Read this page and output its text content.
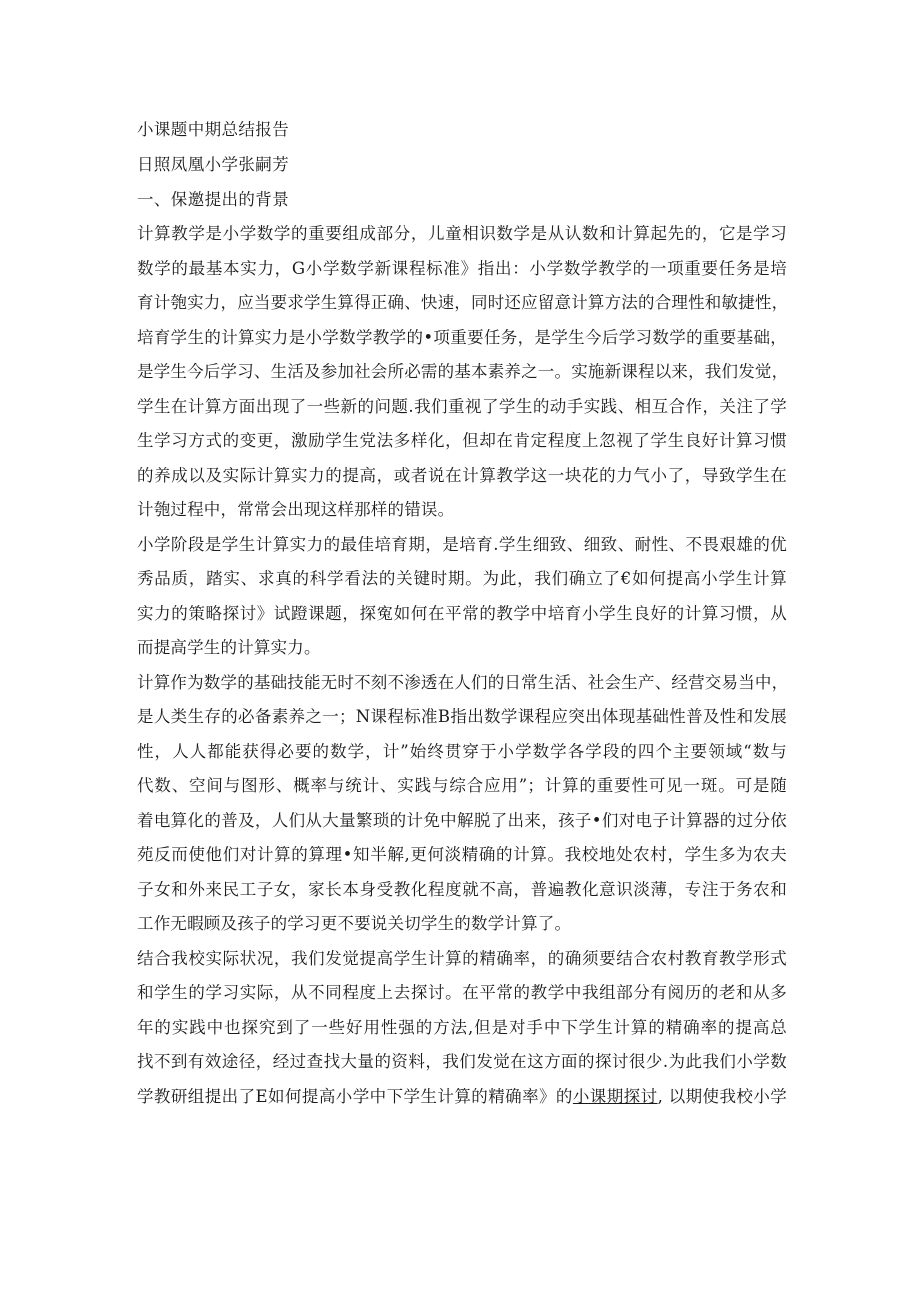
小课题中期总结报告

日照凤凰小学张嗣芳

一、保邀提出的背景

计算教学是小学数学的重要组成部分，儿童相识数学是从认数和计算起先的，它是学习
数学的最基本实力，G小学数学新课程标准》指出：小学数学教学的一项重要任务是培
育计匏实力，应当要求学生算得正确、快速，同时还应留意计算方法的合理性和敏捷性，
培育学生的计算实力是小学数学教学的•项重要任务，是学生今后学习数学的重要基础，
是学生今后学习、生活及参加社会所必需的基本素养之一。实施新课程以来，我们发觉，
学生在计算方面出现了一些新的问题.我们重视了学生的动手实践、相互合作，关注了学
生学习方式的变更，激励学生党法多样化，但却在肯定程度上忽视了学生良好计算习惯
的养成以及实际计算实力的提高，或者说在计算教学这一块花的力气小了，导致学生在
计匏过程中，常常会出现这样那样的错误。
小学阶段是学生计算实力的最佳培育期，是培育.学生细致、细致、耐性、不畏艰雄的优
秀品质，踏实、求真的科学看法的关键时期。为此，我们确立了€如何提高小学生计算
实力的策略探讨》试蹬课题，探寃如何在平常的教学中培育小学生良好的计算习惯，从
而提高学生的计算实力。
计算作为数学的基础技能无时不刻不渗透在人们的日常生活、社会生产、经营交易当中，
是人类生存的必备素养之一；N课程标准B指出数学课程应突出体现基础性普及性和发展
性，人人都能获得必要的数学，计”始终贯穿于小学数学各学段的四个主要领域“数与
代数、空间与图形、概率与统计、实践与综合应用”；计算的重要性可见一斑。可是随
着电算化的普及，人们从大量繁琐的计免中解脱了出来，孩子•们对电子计算器的过分依
苑反而使他们对计算的算理•知半解,更何淡精确的计算。我校地处农村，学生多为农夫
子女和外来民工子女，家长本身受教化程度就不高，普遍教化意识淡薄，专注于务农和
工作无暇顾及孩子的学习更不要说关切学生的数学计算了。
结合我校实际状况，我们发觉提高学生计算的精确率，的确须要结合农村教育教学形式
和学生的学习实际，从不同程度上去探讨。在平常的教学中我组部分有阅历的老和从多
年的实践中也探究到了一些好用性强的方法,但是对手中下学生计算的精确率的提高总
找不到有效途径，经过查找大量的资料，我们发觉在这方面的探讨很少.为此我们小学数
学教研组提出了E如何提高小学中下学生计算的精确率》的小课期探讨, 以期使我校小学
